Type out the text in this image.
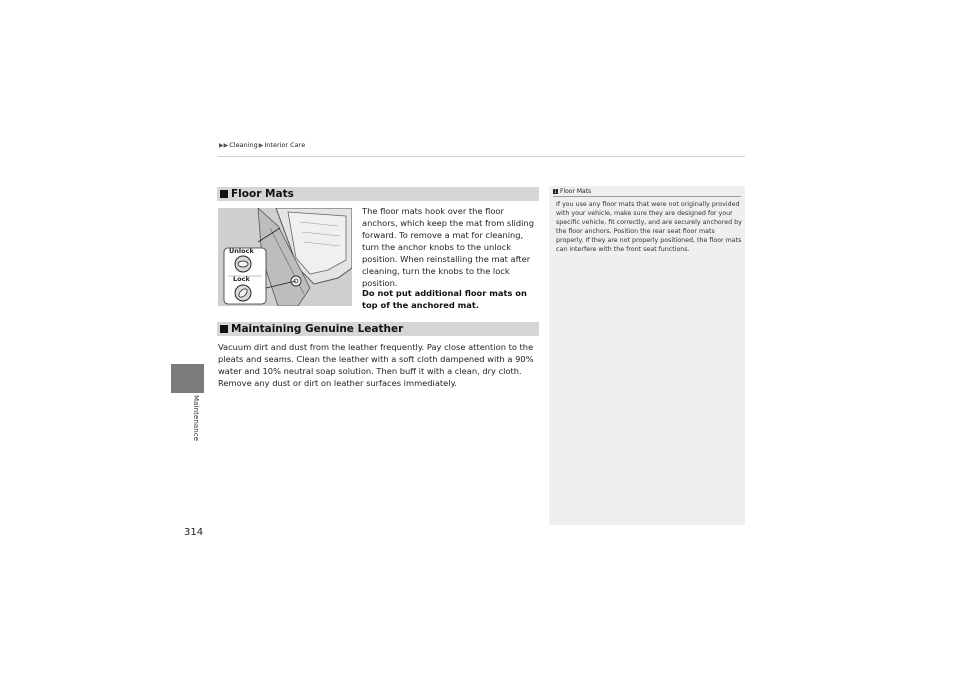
▶▶ Cleaning ▶ Interior Care
Maintenance
314
Floor Mats
Unlock
Lock
The floor mats hook over the floor anchors, which keep the mat from sliding forward. To remove a mat for cleaning, turn the anchor knobs to the unlock position. When reinstalling the mat after cleaning, turn the knobs to the lock position.
Do not put additional floor mats on top of the anchored mat.
Maintaining Genuine Leather
Vacuum dirt and dust from the leather frequently. Pay close attention to the pleats and seams. Clean the leather with a soft cloth dampened with a 90% water and 10% neutral soap solution. Then buff it with a clean, dry cloth. Remove any dust or dirt on leather surfaces immediately.
1 Floor Mats
If you use any floor mats that were not originally provided with your vehicle, make sure they are designed for your specific vehicle, fit correctly, and are securely anchored by the floor anchors. Position the rear seat floor mats properly. If they are not properly positioned, the floor mats can interfere with the front seat functions.
